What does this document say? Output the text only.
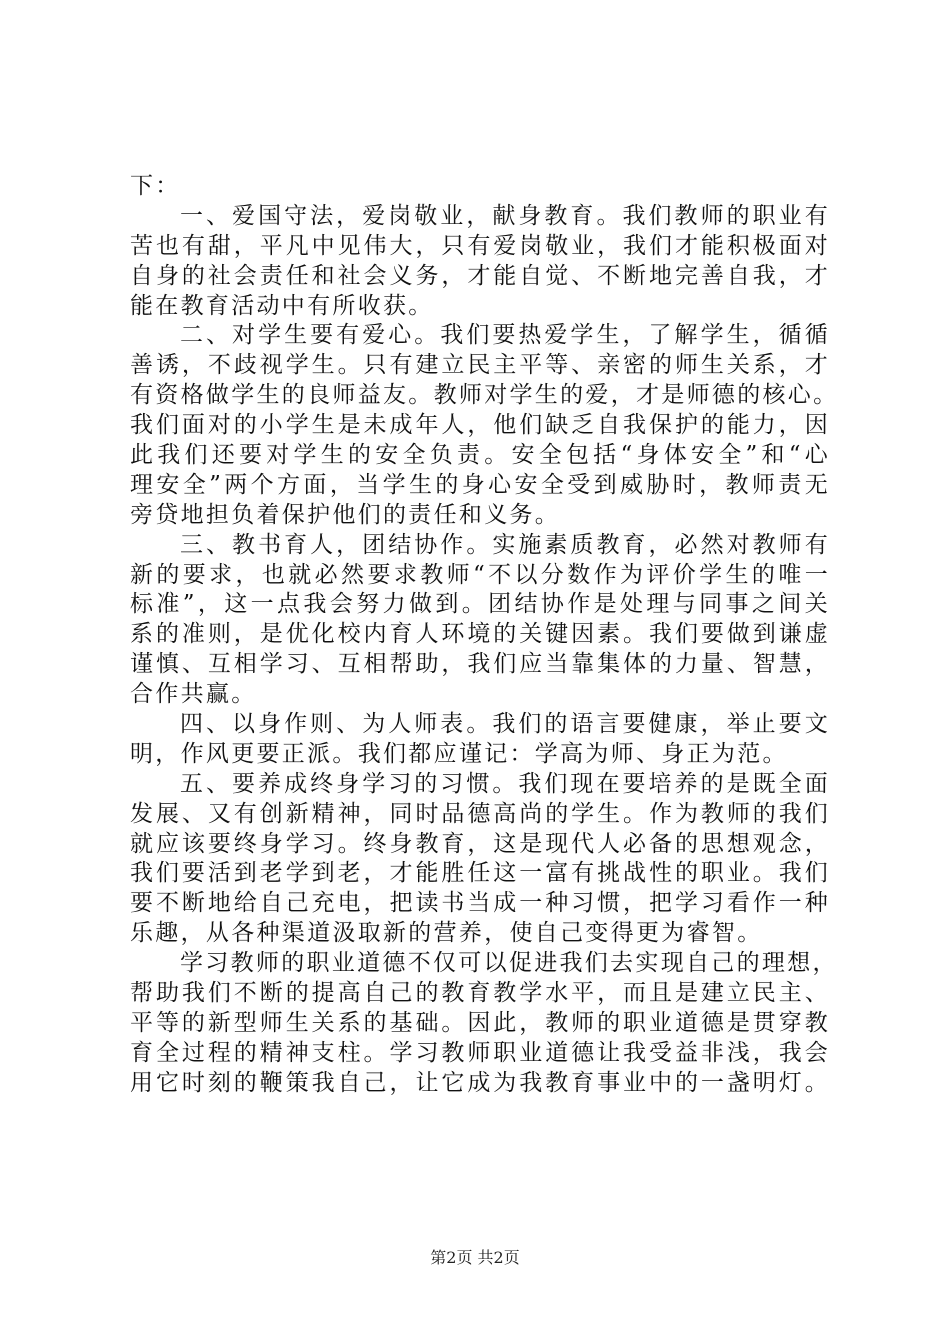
下：
一、爱国守法，爱岗敬业，献身教育。我们教师的职业有
苦也有甜，平凡中见伟大，只有爱岗敬业，我们才能积极面对
自身的社会责任和社会义务，才能自觉、不断地完善自我，才
能在教育活动中有所收获。
二、对学生要有爱心。我们要热爱学生，了解学生，循循
善诱，不歧视学生。只有建立民主平等、亲密的师生关系，才
有资格做学生的良师益友。教师对学生的爱，才是师德的核心。
我们面对的小学生是未成年人，他们缺乏自我保护的能力，因
此我们还要对学生的安全负责。安全包括“身体安全”和“心
理安全”两个方面，当学生的身心安全受到威胁时，教师责无
旁贷地担负着保护他们的责任和义务。
三、教书育人，团结协作。实施素质教育，必然对教师有
新的要求，也就必然要求教师“不以分数作为评价学生的唯一
标准”，这一点我会努力做到。团结协作是处理与同事之间关
系的准则，是优化校内育人环境的关键因素。我们要做到谦虚
谨慎、互相学习、互相帮助，我们应当靠集体的力量、智慧，
合作共赢。
四、以身作则、为人师表。我们的语言要健康，举止要文
明，作风更要正派。我们都应谨记：学高为师、身正为范。
五、要养成终身学习的习惯。我们现在要培养的是既全面
发展、又有创新精神，同时品德高尚的学生。作为教师的我们
就应该要终身学习。终身教育，这是现代人必备的思想观念，
我们要活到老学到老，才能胜任这一富有挑战性的职业。我们
要不断地给自己充电，把读书当成一种习惯，把学习看作一种
乐趣，从各种渠道汲取新的营养，使自己变得更为睿智。
学习教师的职业道德不仅可以促进我们去实现自己的理想，
帮助我们不断的提高自己的教育教学水平，而且是建立民主、
平等的新型师生关系的基础。因此，教师的职业道德是贯穿教
育全过程的精神支柱。学习教师职业道德让我受益非浅，我会
用它时刻的鞭策我自己，让它成为我教育事业中的一盏明灯。
第2页 共2页
